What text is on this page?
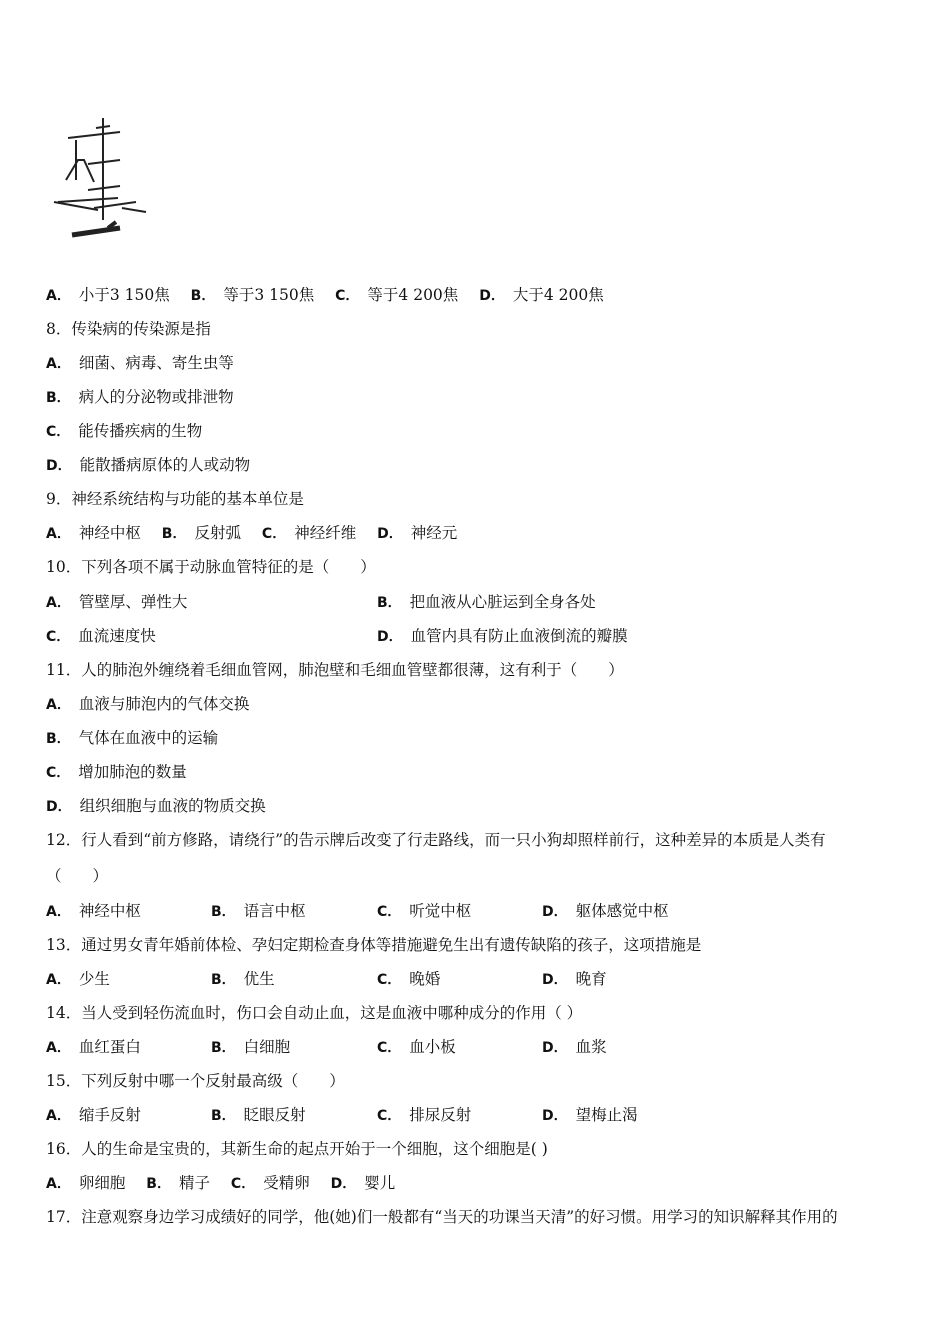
A． 小于3 150焦 B． 等于3 150焦 C． 等于4 200焦 D． 大于4 200焦
8．传染病的传染源是指
A． 细菌、病毒、寄生虫等
B． 病人的分泌物或排泄物
C． 能传播疾病的生物
D． 能散播病原体的人或动物
9．神经系统结构与功能的基本单位是
A． 神经中枢 B． 反射弧 C． 神经纤维 D． 神经元
10．下列各项不属于动脉血管特征的是（　　）
A． 管壁厚、弹性大	B． 把血液从心脏运到全身各处
C． 血流速度快	D． 血管内具有防止血液倒流的瓣膜
11．人的肺泡外缠绕着毛细血管网，肺泡壁和毛细血管壁都很薄，这有利于（　　）
A． 血液与肺泡内的气体交换
B． 气体在血液中的运输
C． 增加肺泡的数量
D． 组织细胞与血液的物质交换
12．行人看到“前方修路，请绕行”的告示牌后改变了行走路线，而一只小狗却照样前行，这种差异的本质是人类有
（　　）
A． 神经中枢	B． 语言中枢	C． 听觉中枢	D． 躯体感觉中枢
13．通过男女青年婚前体检、孕妇定期检查身体等措施避免生出有遗传缺陷的孩子，这项措施是
A． 少生	B． 优生	C． 晚婚	D． 晚育
14．当人受到轻伤流血时，伤口会自动止血，这是血液中哪种成分的作用（ ）
A． 血红蛋白	B． 白细胞	C． 血小板	D． 血浆
15．下列反射中哪一个反射最高级（　　）
A． 缩手反射	B． 眨眼反射	C． 排尿反射	D． 望梅止渴
16．人的生命是宝贵的，其新生命的起点开始于一个细胞，这个细胞是( )
A． 卵细胞 B． 精子 C． 受精卵 D． 婴儿
17．注意观察身边学习成绩好的同学，他(她)们一般都有“当天的功课当天清”的好习惯。用学习的知识解释其作用的
